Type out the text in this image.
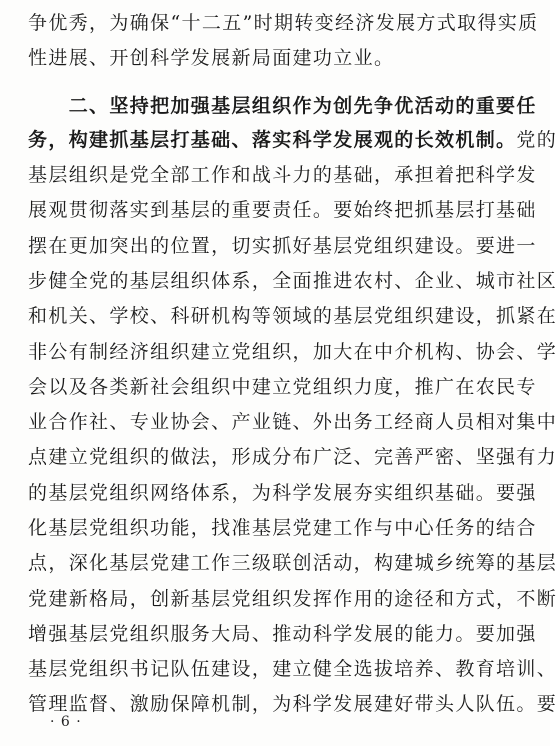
争优秀，为确保“十二五”时期转变经济发展方式取得实质
性进展、开创科学发展新局面建功立业。
　　二、坚持把加强基层组织作为创先争优活动的重要任
务，构建抓基层打基础、落实科学发展观的长效机制。党的
基层组织是党全部工作和战斗力的基础，承担着把科学发
展观贯彻落实到基层的重要责任。要始终把抓基层打基础
摆在更加突出的位置，切实抓好基层党组织建设。要进一
步健全党的基层组织体系，全面推进农村、企业、城市社区
和机关、学校、科研机构等领域的基层党组织建设，抓紧在
非公有制经济组织建立党组织，加大在中介机构、协会、学
会以及各类新社会组织中建立党组织力度，推广在农民专
业合作社、专业协会、产业链、外出务工经商人员相对集中
点建立党组织的做法，形成分布广泛、完善严密、坚强有力
的基层党组织网络体系，为科学发展夯实组织基础。要强
化基层党组织功能，找准基层党建工作与中心任务的结合
点，深化基层党建工作三级联创活动，构建城乡统筹的基层
党建新格局，创新基层党组织发挥作用的途径和方式，不断
增强基层党组织服务大局、推动科学发展的能力。要加强
基层党组织书记队伍建设，建立健全选拔培养、教育培训、
管理监督、激励保障机制，为科学发展建好带头人队伍。要
· 6 ·
